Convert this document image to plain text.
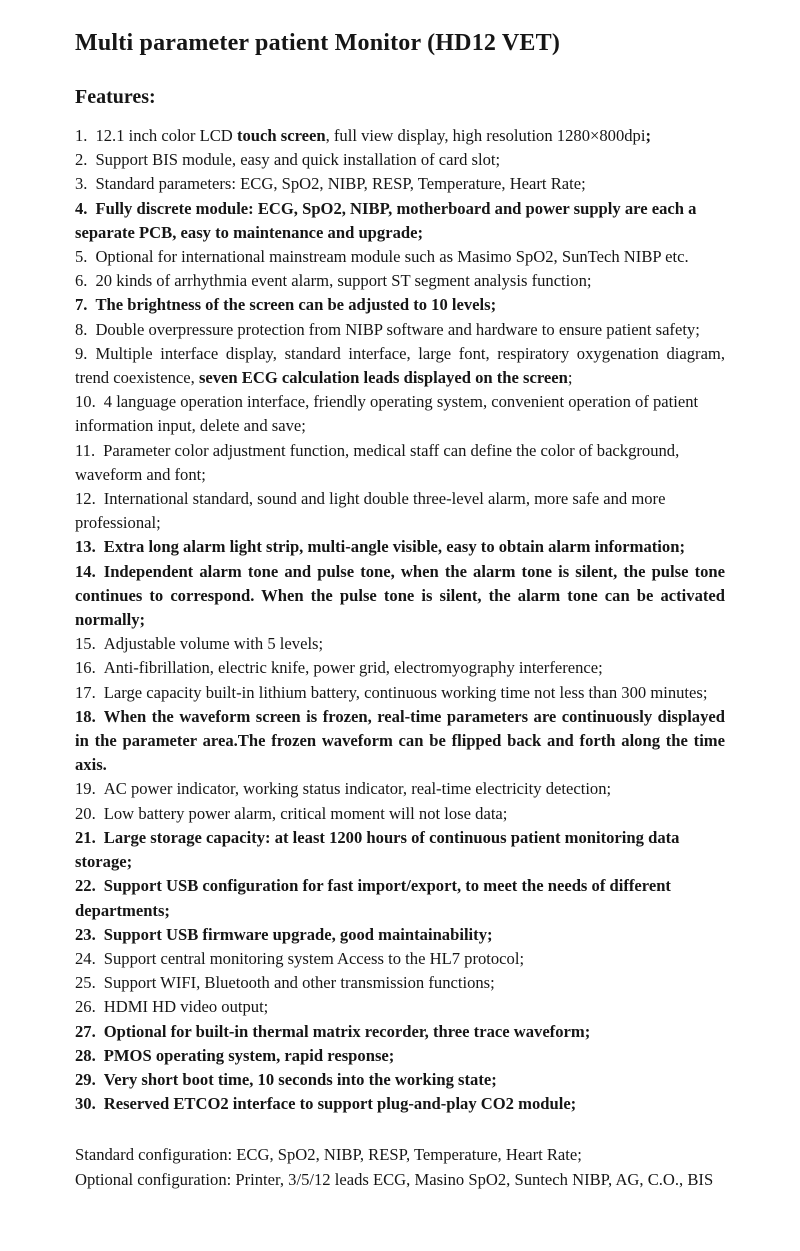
Multi parameter patient Monitor (HD12 VET)
Features:

1. 12.1 inch color LCD touch screen, full view display, high resolution 1280×800dpi;

2. Support BIS module, easy and quick installation of card slot;

3. Standard parameters: ECG, SpO2, NIBP, RESP, Temperature, Heart Rate;

4. Fully discrete module: ECG, SpO2, NIBP, motherboard and power supply are each a separate PCB, easy to maintenance and upgrade;

5. Optional for international mainstream module such as Masimo SpO2, SunTech NIBP etc.

6. 20 kinds of arrhythmia event alarm, support ST segment analysis function;

7. The brightness of the screen can be adjusted to 10 levels;

8. Double overpressure protection from NIBP software and hardware to ensure patient safety;

9. Multiple interface display, standard interface, large font, respiratory oxygenation diagram, trend coexistence, seven ECG calculation leads displayed on the screen;

10. 4 language operation interface, friendly operating system, convenient operation of patient information input, delete and save;

11. Parameter color adjustment function, medical staff can define the color of background, waveform and font;

12. International standard, sound and light double three-level alarm, more safe and more professional;

13. Extra long alarm light strip, multi-angle visible, easy to obtain alarm information;

14. Independent alarm tone and pulse tone, when the alarm tone is silent, the pulse tone continues to correspond. When the pulse tone is silent, the alarm tone can be activated normally;

15. Adjustable volume with 5 levels;

16. Anti-fibrillation, electric knife, power grid, electromyography interference;

17. Large capacity built-in lithium battery, continuous working time not less than 300 minutes;

18. When the waveform screen is frozen, real-time parameters are continuously displayed in the parameter area.The frozen waveform can be flipped back and forth along the time axis.

19. AC power indicator, working status indicator, real-time electricity detection;

20. Low battery power alarm, critical moment will not lose data;

21. Large storage capacity: at least 1200 hours of continuous patient monitoring data storage;

22. Support USB configuration for fast import/export, to meet the needs of different departments;

23. Support USB firmware upgrade, good maintainability;

24. Support central monitoring system Access to the HL7 protocol;

25. Support WIFI, Bluetooth and other transmission functions;

26. HDMI HD video output;

27. Optional for built-in thermal matrix recorder, three trace waveform;

28. PMOS operating system, rapid response;

29. Very short boot time, 10 seconds into the working state;

30. Reserved ETCO2 interface to support plug-and-play CO2 module;

Standard configuration: ECG, SpO2, NIBP, RESP, Temperature, Heart Rate;

Optional configuration: Printer, 3/5/12 leads ECG, Masino SpO2, Suntech NIBP, AG, C.O., BIS
